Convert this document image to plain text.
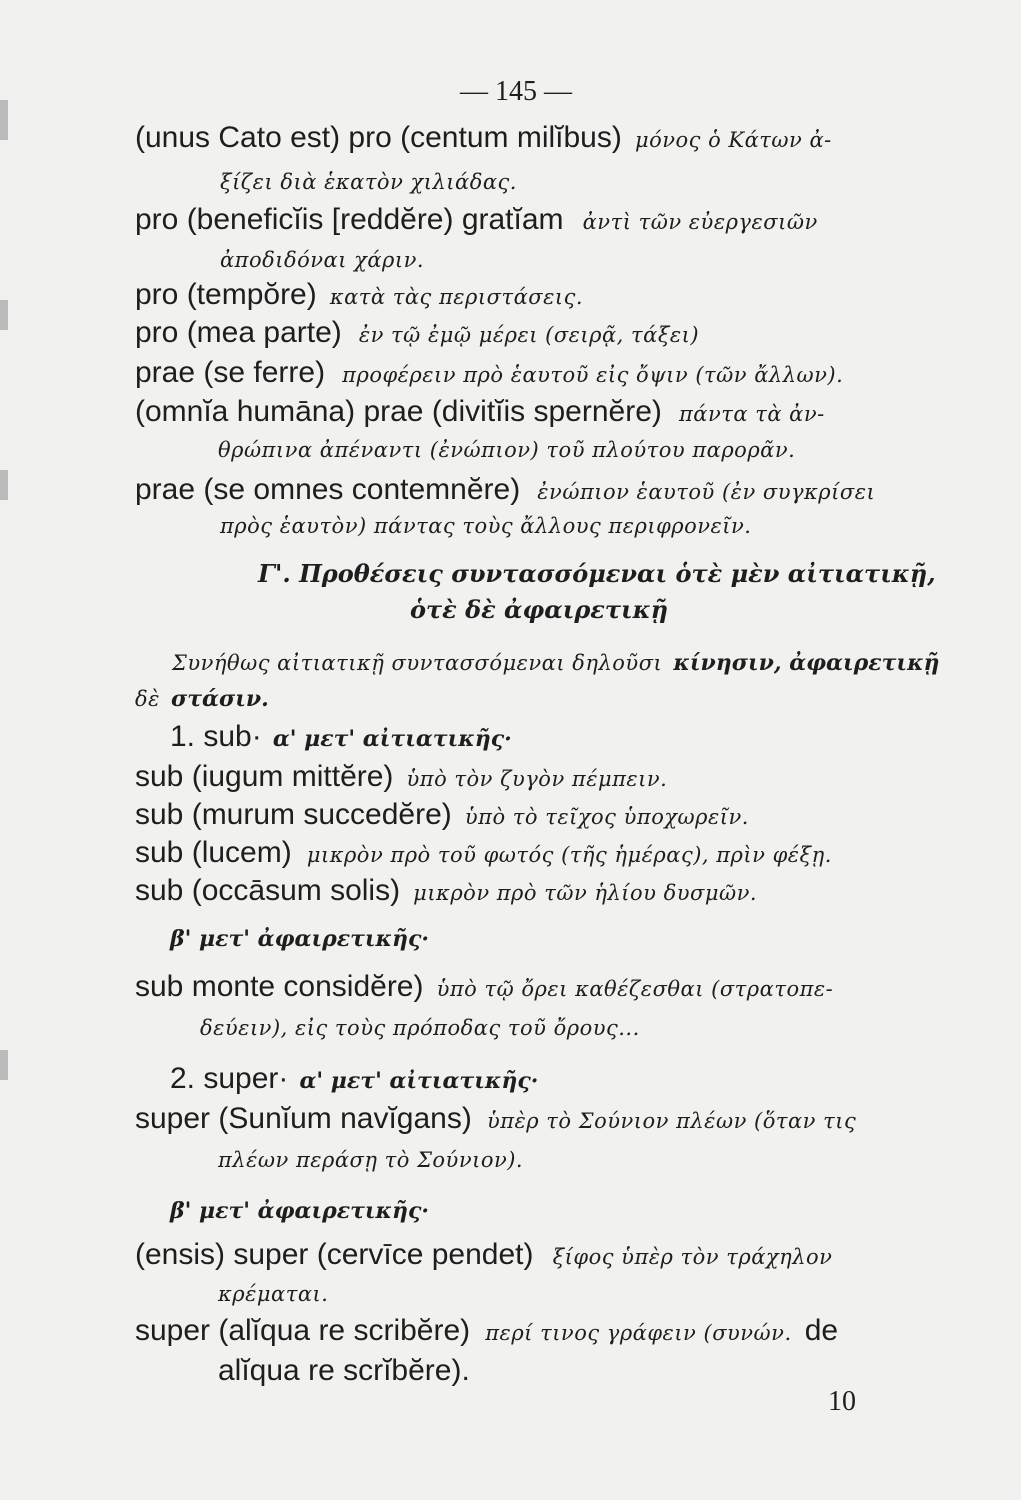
— 145 —
(unus Cato est) pro (centum milĭbus) μόνος ὁ Κάτων ἀ-
ξίζει διὰ ἑκατὸν χιλιάδας.
pro (beneficĭis [reddĕre) gratĭam ἀντὶ τῶν εὐεργεσιῶν
ἀποδιδόναι χάριν.
pro (tempŏre) κατὰ τὰς περιστάσεις.
pro (mea parte) ἐν τῷ ἐμῷ μέρει (σειρᾷ, τάξει)
prae (se ferre) προφέρειν πρὸ ἑαυτοῦ εἰς ὄψιν (τῶν ἄλλων).
(omnĭa humāna) prae (divitĭis spernĕre) πάντα τὰ ἀν-
θρώπινα ἀπέναντι (ἐνώπιον) τοῦ πλούτου παρορᾶν.
prae (se omnes contemnĕre) ἐνώπιον ἑαυτοῦ (ἐν συγκρίσει
πρὸς ἑαυτὸν) πάντας τοὺς ἄλλους περιφρονεῖν.
Γ'. Προθέσεις συντασσόμεναι ὁτὲ μὲν αἰτιατικῇ,
ὁτὲ δὲ ἀφαιρετικῇ
Συνήθως αἰτιατικῇ συντασσόμεναι δηλοῦσι κίνησιν, ἀφαιρετικῇ
δὲ στάσιν.
1. sub· α' μετ' αἰτιατικῆς·
sub (iugum mittĕre) ὑπὸ τὸν ζυγὸν πέμπειν.
sub (murum succedĕre) ὑπὸ τὸ τεῖχος ὑποχωρεῖν.
sub (lucem) μικρὸν πρὸ τοῦ φωτός (τῆς ἡμέρας), πρὶν φέξῃ.
sub (occāsum solis) μικρὸν πρὸ τῶν ἡλίου δυσμῶν.
β' μετ' ἀφαιρετικῆς·
sub monte considĕre) ὑπὸ τῷ ὄρει καθέζεσθαι (στρατοπε-
δεύειν), εἰς τοὺς πρόποδας τοῦ ὄρους...
2. super· α' μετ' αἰτιατικῆς·
super (Sunĭum navĭgans) ὑπὲρ τὸ Σούνιον πλέων (ὅταν τις
πλέων περάσῃ τὸ Σούνιον).
β' μετ' ἀφαιρετικῆς·
(ensis) super (cervīce pendet) ξίφος ὑπὲρ τὸν τράχηλον
κρέμαται.
super (alĭqua re scribĕre) περί τινος γράφειν (συνών. de
alĭqua re scrĭbĕre).
10
